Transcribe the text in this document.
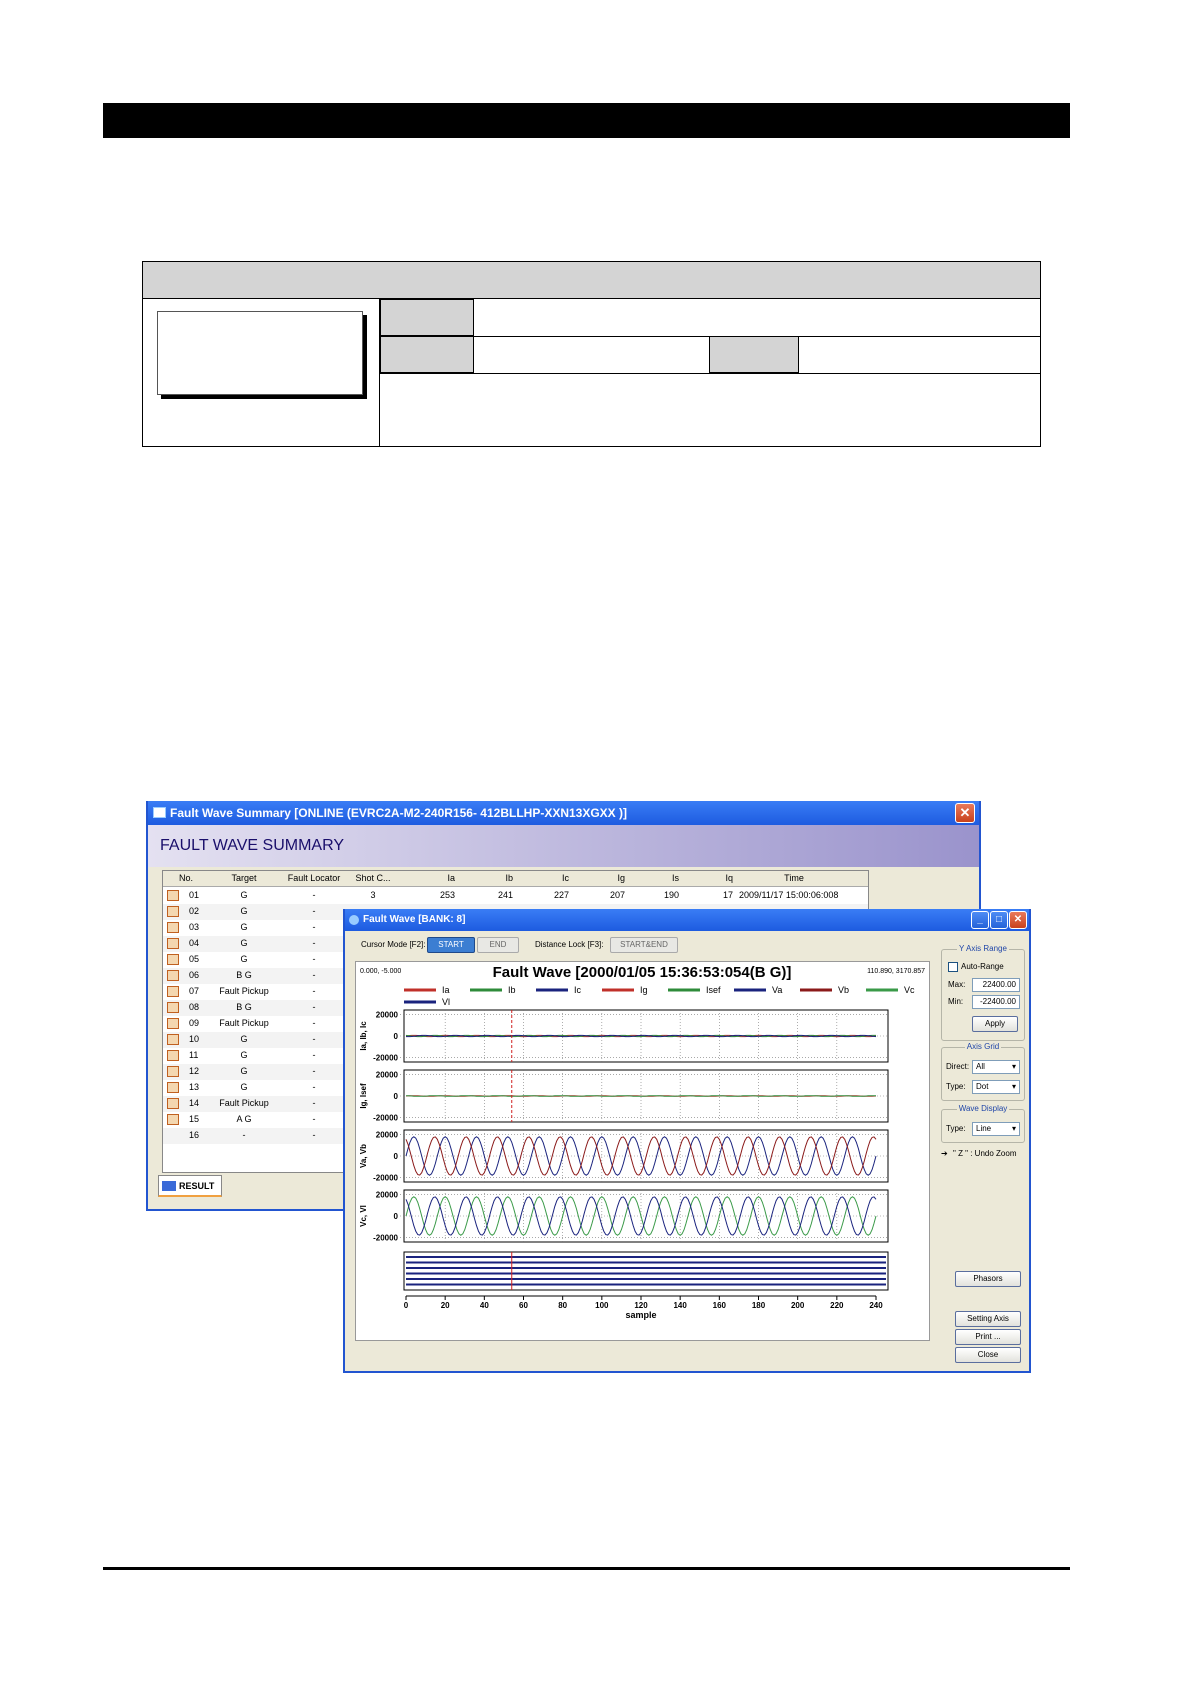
Fault Wave Summary [ONLINE (EVRC2A-M2-240R156- 412BLLHP-XXN13XGXX )]	✕
FAULT WAVE SUMMARY
No.	Target	Fault Locator	Shot C...	Ia	Ib	Ic	Ig	Is	Iq	Time
01	G	-	3	253	241	227	207	190	17 2009/11/17 15:00:06:008
02	G	-
03	G	-
04	G	-
05	G	-
06	B G	-
07	Fault Pickup	-
08	B G	-
09	Fault Pickup	-
10	G	-
11	G	-
12	G	-
13	G	-
14	Fault Pickup	-
15	A G	-
16	-	-
RESULT
Fault Wave [BANK: 8]	_	□	✕
Cursor Mode [F2]:	START	END	Distance Lock [F3]:	START&END
0.000, -5.000	110.890, 3170.857
Fault Wave [2000/01/05 15:36:53:054(B G)]
Ia	Ib	Ic	Ig	Isef	Va	Vb	Vc
Vl
20000
0
-20000
Ia, Ib, Ic
20000
0
-20000
Ig, Isef
20000
0
-20000
Va, Vb
20000
0
-20000
Vc, Vl
0	20	40	60	80	100	120	140	160	180	200	220	240
sample
Y Axis Range
Auto-Range
Max:	22400.00
Min:	-22400.00
Apply
Axis Grid
Direct: All ▾
Type:	Dot ▾
Wave Display
Type:	Line ▾
➔ " Z " : Undo Zoom
Phasors
Setting Axis
Print ...
Close
